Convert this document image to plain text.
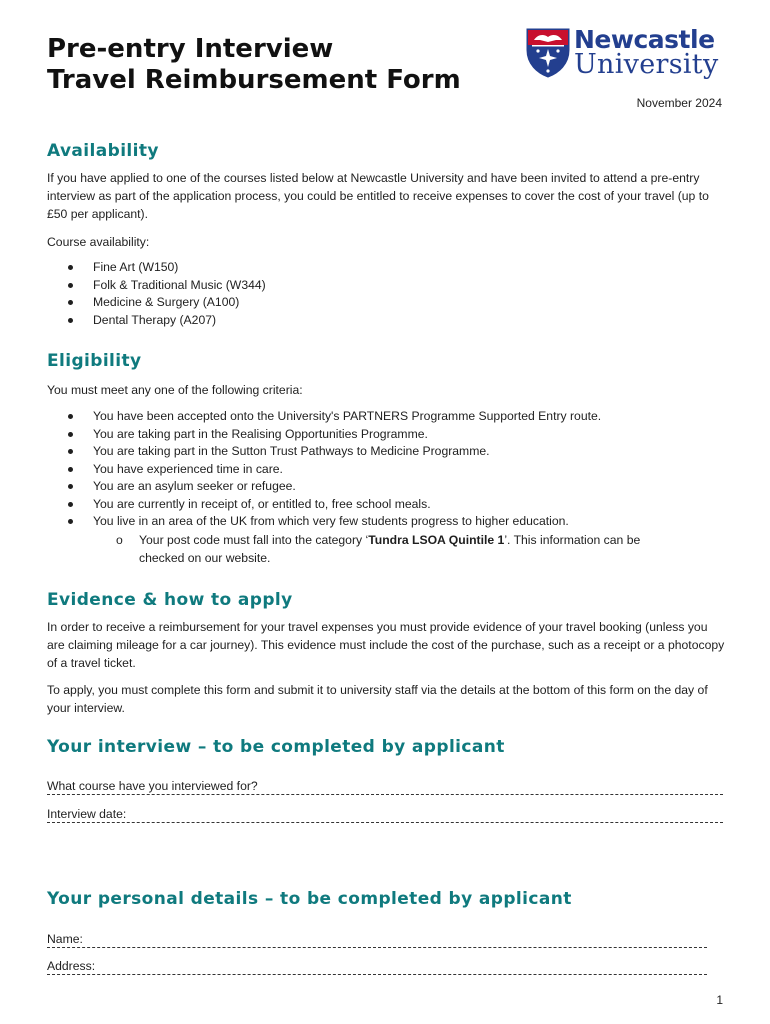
Pre-entry Interview
Travel Reimbursement Form

Newcastle

University

November 2024
Availability

If you have applied to one of the courses listed below at Newcastle University and have been invited to attend a pre-entry interview as part of the application process, you could be entitled to receive expenses to cover the cost of your travel (up to £50 per applicant).

Course availability:

Fine Art (W150)
Folk & Traditional Music (W344)
Medicine & Surgery (A100)
Dental Therapy (A207)
Eligibility

You must meet any one of the following criteria:

You have been accepted onto the University's PARTNERS Programme Supported Entry route.
You are taking part in the Realising Opportunities Programme.
You are taking part in the Sutton Trust Pathways to Medicine Programme.
You have experienced time in care.
You are an asylum seeker or refugee.
You are currently in receipt of, or entitled to, free school meals.
You live in an area of the UK from which very few students progress to higher education.
o Your post code must fall into the category ‘Tundra LSOA Quintile 1’. This information can be checked on our website.
Evidence & how to apply

In order to receive a reimbursement for your travel expenses you must provide evidence of your travel booking (unless you are claiming mileage for a car journey). This evidence must include the cost of the purchase, such as a receipt or a photocopy of a travel ticket.

To apply, you must complete this form and submit it to university staff via the details at the bottom of this form on the day of your interview.

Your interview – to be completed by applicant
What course have you interviewed for?
Interview date:
Your personal details – to be completed by applicant
Name:
Address:
1
